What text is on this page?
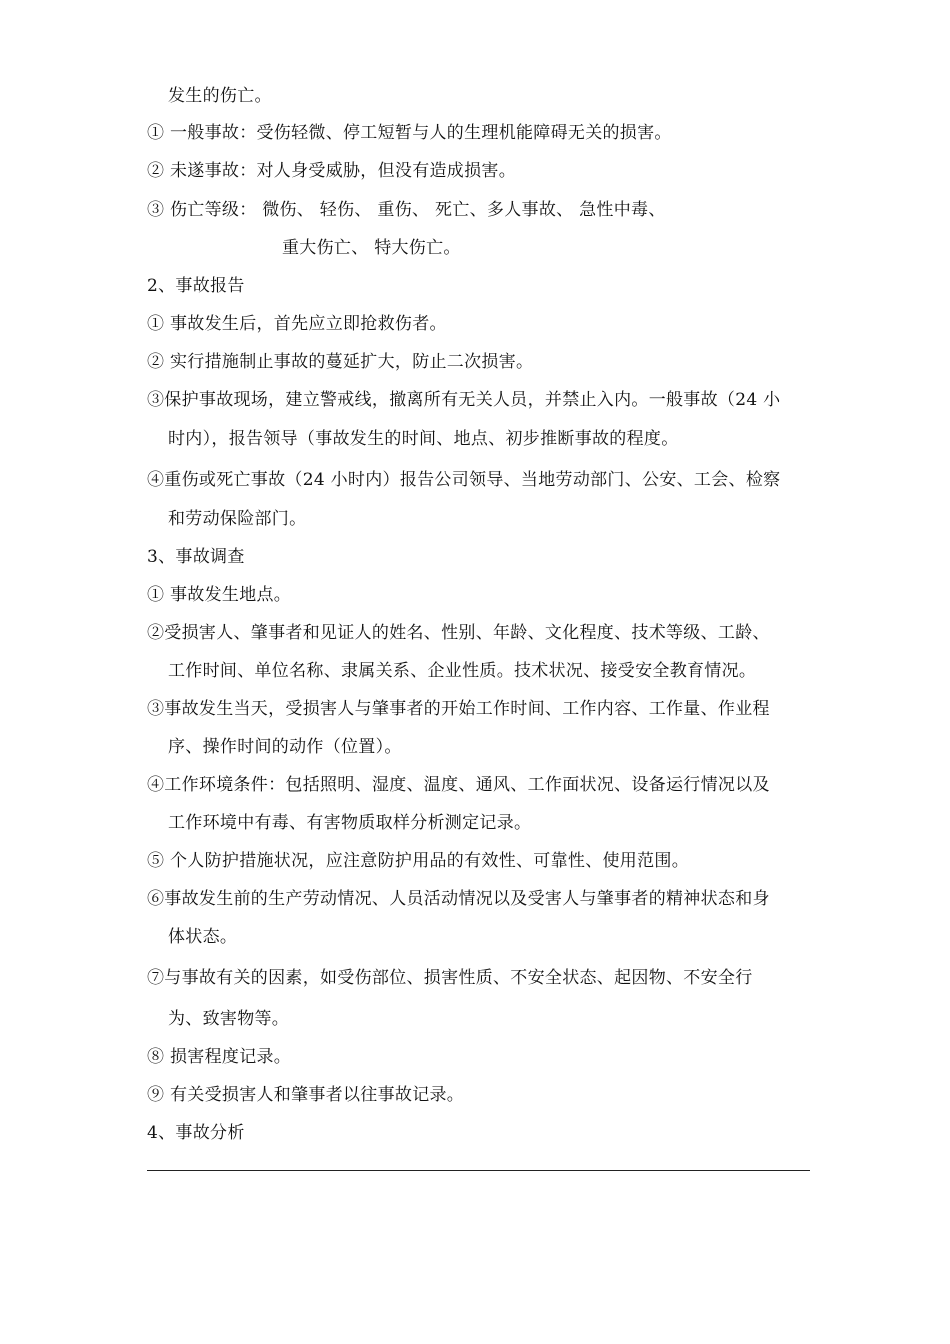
发生的伤亡。
① 一般事故：受伤轻微、停工短暂与人的生理机能障碍无关的损害。
② 未遂事故：对人身受威胁，但没有造成损害。
③ 伤亡等级： 微伤、 轻伤、 重伤、 死亡、多人事故、 急性中毒、
重大伤亡、 特大伤亡。
2、事故报告
① 事故发生后，首先应立即抢救伤者。
② 实行措施制止事故的蔓延扩大，防止二次损害。
③保护事故现场，建立警戒线，撤离所有无关人员，并禁止入内。一般事故（24 小
时内），报告领导（事故发生的时间、地点、初步推断事故的程度。
④重伤或死亡事故（24 小时内）报告公司领导、当地劳动部门、公安、工会、检察
和劳动保险部门。
3、事故调查
① 事故发生地点。
②受损害人、肇事者和见证人的姓名、性别、年龄、文化程度、技术等级、工龄、
工作时间、单位名称、隶属关系、企业性质。技术状况、接受安全教育情况。
③事故发生当天，受损害人与肇事者的开始工作时间、工作内容、工作量、作业程
序、操作时间的动作（位置）。
④工作环境条件：包括照明、湿度、温度、通风、工作面状况、设备运行情况以及
工作环境中有毒、有害物质取样分析测定记录。
⑤ 个人防护措施状况，应注意防护用品的有效性、可靠性、使用范围。
⑥事故发生前的生产劳动情况、人员活动情况以及受害人与肇事者的精神状态和身
体状态。
⑦与事故有关的因素，如受伤部位、损害性质、不安全状态、起因物、不安全行
为、致害物等。
⑧ 损害程度记录。
⑨ 有关受损害人和肇事者以往事故记录。
4、事故分析
